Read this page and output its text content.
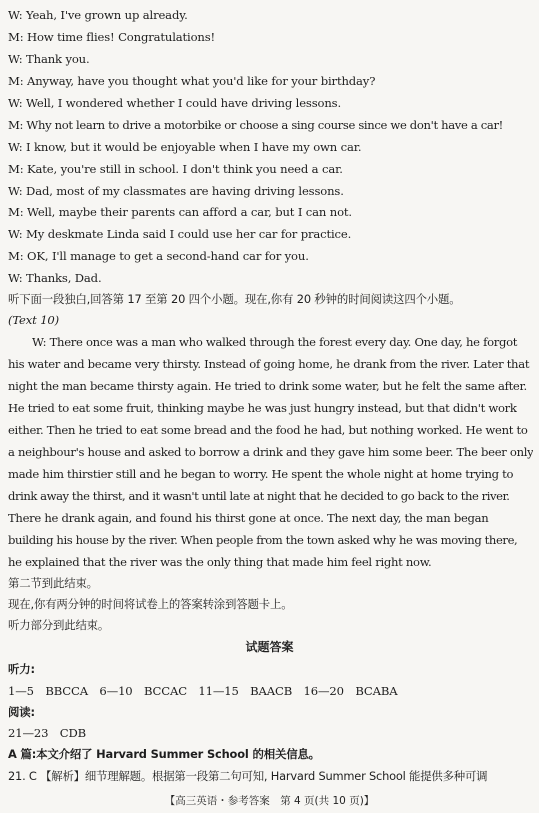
W: Yeah, I've grown up already.
M: How time flies! Congratulations!
W: Thank you.
M: Anyway, have you thought what you'd like for your birthday?
W: Well, I wondered whether I could have driving lessons.
M: Why not learn to drive a motorbike or choose a sing course since we don't have a car!
W: I know, but it would be enjoyable when I have my own car.
M: Kate, you're still in school. I don't think you need a car.
W: Dad, most of my classmates are having driving lessons.
M: Well, maybe their parents can afford a car, but I can not.
W: My deskmate Linda said I could use her car for practice.
M: OK, I'll manage to get a second-hand car for you.
W: Thanks, Dad.
听下面一段独白,回答第 17 至第 20 四个小题。现在,你有 20 秒钟的时间阅读这四个小题。
(Text 10)
W: There once was a man who walked through the forest every day. One day, he forgot
his water and became very thirsty. Instead of going home, he drank from the river. Later that
night the man became thirsty again. He tried to drink some water, but he felt the same after.
He tried to eat some fruit, thinking maybe he was just hungry instead, but that didn't work
either. Then he tried to eat some bread and the food he had, but nothing worked. He went to
a neighbour's house and asked to borrow a drink and they gave him some beer. The beer only
made him thirstier still and he began to worry. He spent the whole night at home trying to
drink away the thirst, and it wasn't until late at night that he decided to go back to the river.
There he drank again, and found his thirst gone at once. The next day, the man began
building his house by the river. When people from the town asked why he was moving there,
he explained that the river was the only thing that made him feel right now.
第二节到此结束。
现在,你有两分钟的时间将试卷上的答案转涂到答题卡上。
听力部分到此结束。
试题答案
听力:
1—5　BBCCA　6—10　BCCAC　11—15　BAACB　16—20　BCABA
阅读:
21—23　CDB
A 篇:本文介绍了 Harvard Summer School 的相关信息。
21. C 【解析】细节理解题。根据第一段第二句可知, Harvard Summer School 能提供多种可调
【高三英语・参考答案　第 4 页(共 10 页)】
